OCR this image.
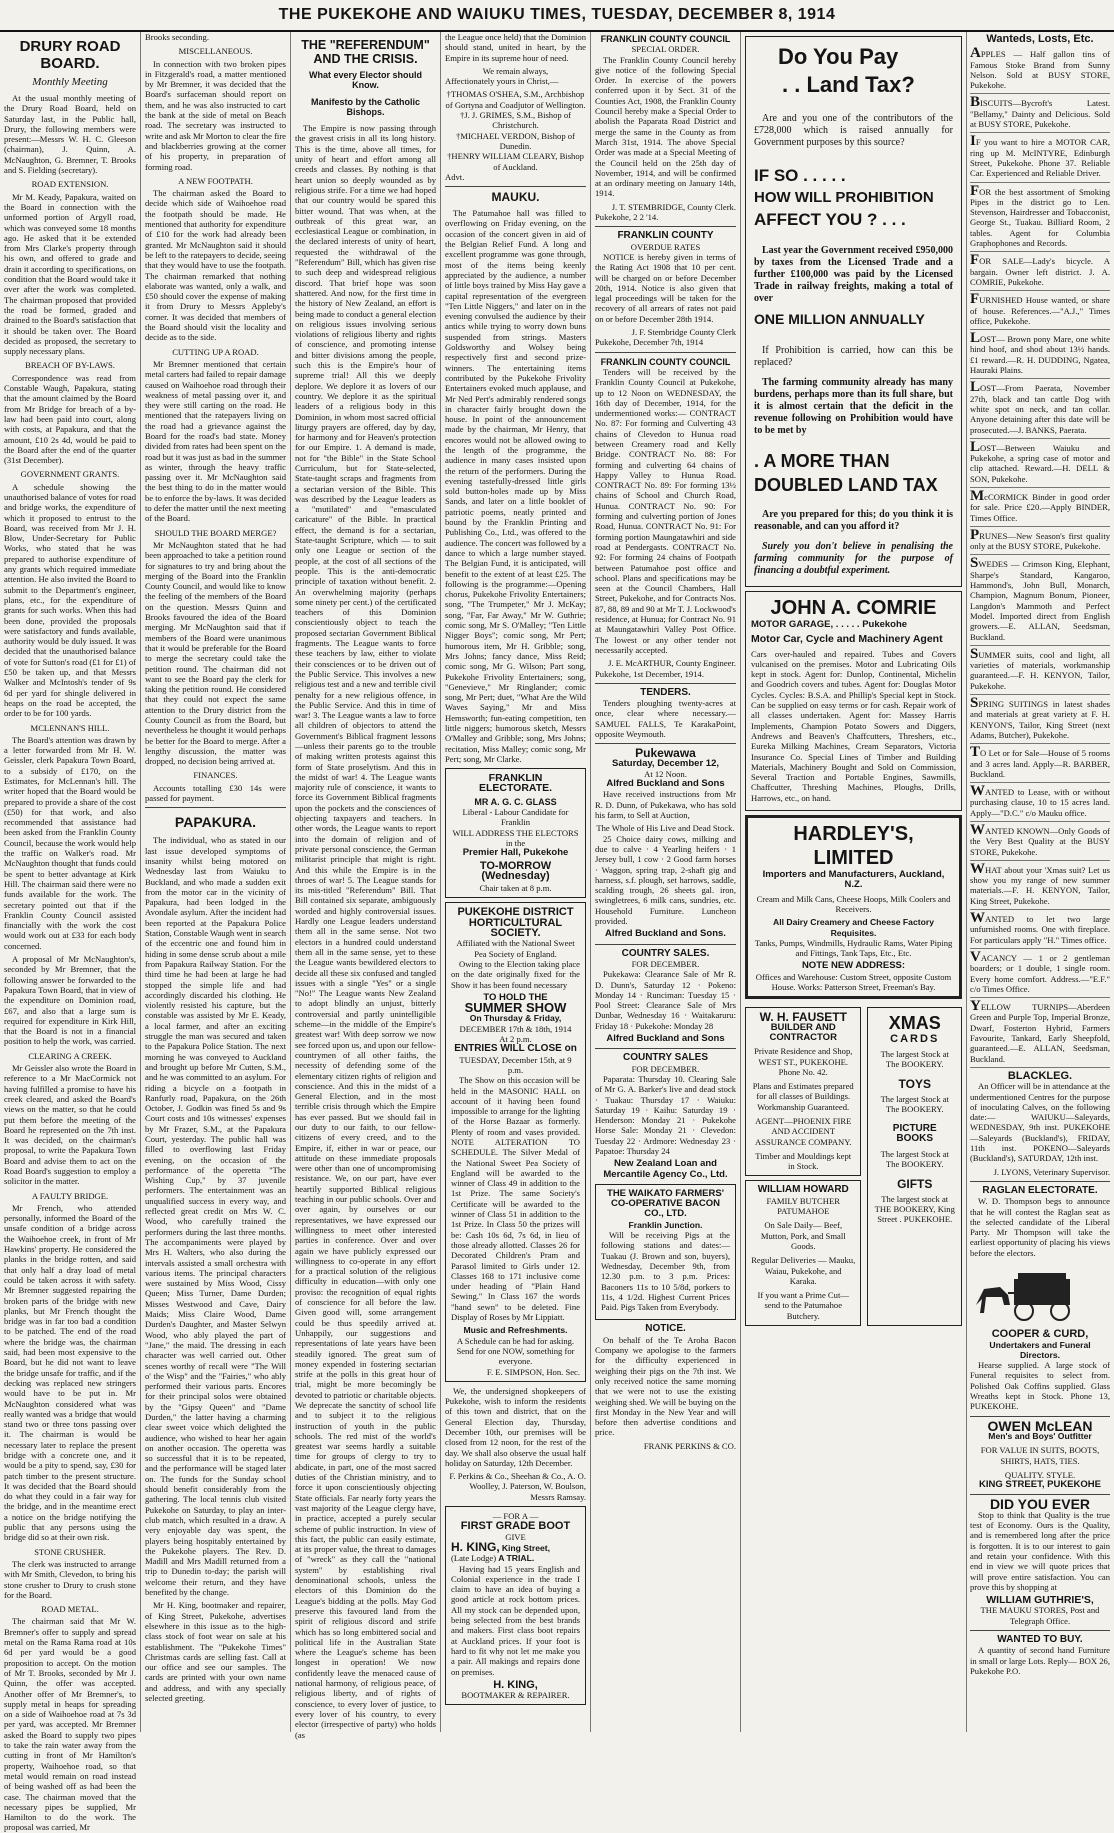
THE PUKEKOHE AND WAIUKU TIMES, TUESDAY, DECEMBER 8, 1914
DRURY ROAD BOARD.
Monthly Meeting

At the usual monthly meeting of the Drury Road Board, held on Saturday last, in the Public hall, Drury, the following members were present:—Messrs W. H. C. Gleeson (chairman), J. Quinn, A. McNaughton, G. Bremner, T. Brooks and S. Fielding (secretary).

ROAD EXTENSION.

Mr M. Keady, Papakura, waited on the Board in connection with the unformed portion of Argyll road, which was conveyed some 18 months ago. He asked that it be extended from Mrs Clarke's property through his own, and offered to grade and drain it according to specifications, on condition that the Board would take it over after the work was completed. The chairman proposed that provided the road be formed, graded and drained to the Board's satisfaction that it should be taken over. The Board decided as proposed, the secretary to supply necessary plans.

BREACH OF BY-LAWS.

Correspondence was read from Constable Waugh, Papakura, stating that the amount claimed by the Board from Mr Bridge for breach of a by-law had been paid into court, along with costs, at Papakura, and that the amount, £10 2s 4d, would be paid to the Board after the end of the quarter (31st December).

GOVERNMENT GRANTS.

A schedule showing the unauthorised balance of votes for road and bridge works, the expenditure of which it proposed to entrust to the Board, was received from Mr J. H. Blow, Under-Secretary for Public Works, who stated that he was prepared to authorise expenditure of any grants which required immediate attention. He also invited the Board to submit to the Department's engineer, plans, etc., for the expenditure of grants for such works. When this had been done, provided the proposals were satisfactory and funds available, authority would be duly issued. It was decided that the unauthorised balance of vote for Sutton's road (£1 for £1) of £50 be taken up, and that Messrs Walker and McIntosh's tender of 9s 6d per yard for shingle delivered in heaps on the road be accepted, the order to be for 100 yards.

MCLENNAN'S HILL.

The Board's attention was drawn by a letter forwarded from Mr H. W. Geissler, clerk Papakura Town Board, to a subsidy of £170, on the Estimates, for McLennan's hill. The writer hoped that the Board would be prepared to provide a share of the cost (£50) for that work, and also recommended that assistance had been asked from the Franklin County Council, because the work would help the traffic on Walker's road. Mr McNaughton thought that funds could be spent to better advantage at Kirk Hill. The chairman said there were no funds available for the work. The secretary pointed out that if the Franklin County Council assisted financially with the work the cost would work out at £33 for each body concerned.

A proposal of Mr McNaughton's, seconded by Mr Bremner, that the following answer be forwarded to the Papakura Town Board, that in view of the expenditure on Dominion road, £67, and also that a large sum is required for expenditure in Kirk Hill, that the Board is not in a financial position to help the work, was carried.

CLEARING A CREEK.

Mr Geissler also wrote the Board in reference to a Mr MacCormick not having fulfilled a promise to have his creek cleared, and asked the Board's views on the matter, so that he could put them before the meeting of the Board he represented on the 7th inst. It was decided, on the chairman's proposal, to write the Papakura Town Board and advise them to act on the Road Board's suggestion to employ a solicitor in the matter.

A FAULTY BRIDGE.

Mr French, who attended personally, informed the Board of the unsafe condition of a bridge across the Waihoehoe creek, in front of Mr Hawkins' property. He considered the planks in the bridge rotten, and said that only half a dray load of metal could be taken across it with safety. Mr Bremner suggested repairing the broken parts of the bridge with new planks, but Mr French thought the bridge was in far too bad a condition to be patched. The end of the road where the bridge was, the chairman said, had been most expensive to the Board, but he did not want to leave the bridge unsafe for traffic, and if the decking was replaced new stringers would have to be put in. Mr McNaughton considered what was really wanted was a bridge that would stand two or three tons passing over it. The chairman is would be necessary later to replace the present bridge with a concrete one, and it would be a pity to spend, say, £30 for patch timber to the present structure. It was decided that the Board should do what they could in a fair way for the bridge, and in the meantime erect a notice on the bridge notifying the public that any persons using the bridge did so at their own risk.

STONE CRUSHER.

The clerk was instructed to arrange with Mr Smith, Clevedon, to bring his stone crusher to Drury to crush stone for the Board.

ROAD METAL.

The chairman said that Mr W. Bremner's offer to supply and spread metal on the Rama Rama road at 10s 6d per yard would be a good proposition to accept. On the motion of Mr T. Brooks, seconded by Mr J. Quinn, the offer was accepted. Another offer of Mr Bremner's, to supply metal in heaps for spreading on a side of Waihoehoe road at 7s 3d per yard, was accepted. Mr Bremner asked the Board to supply two pipes to take the rain water away from the cutting in front of Mr Hamilton's property, Waihoehoe road, so that metal would remain on road instead of being washed off as had been the case. The chairman moved that the necessary pipes be supplied, Mr Hamilton to do the work. The proposal was carried, Mr

Brooks seconding.

MISCELLANEOUS.

In connection with two broken pipes in Fitzgerald's road, a matter mentioned by Mr Bremner, it was decided that the Board's surfaceman should report on them, and he was also instructed to cart the bank at the side of metal on Beach road. The secretary was instructed to write and ask Mr Morton to clear the fire and blackberries growing at the corner of his property, in preparation of forming road.

A NEW FOOTPATH.

The chairman asked the Board to decide which side of Waihoehoe road the footpath should be made. He mentioned that authority for expenditure of £10 for the work had already been granted. Mr McNaughton said it should be left to the ratepayers to decide, seeing that they would have to use the footpath. The chairman remarked that nothing elaborate was wanted, only a walk, and £50 should cover the expense of making it from Drury to Messrs Appleby's corner. It was decided that members of the Board should visit the locality and decide as to the side.

CUTTING UP A ROAD.

Mr Bremner mentioned that certain metal carters had failed to repair damage caused on Waihoehoe road through their weakness of metal passing over it, and they were still carting on the road. He mentioned that the ratepayers living on the road had a grievance against the Board for the road's bad state. Money divided from rates had been spent on the road but it was just as bad in the summer as winter, through the heavy traffic passing over it. Mr McNaughton said the best thing to do in the matter would be to enforce the by-laws. It was decided to defer the matter until the next meeting of the Board.

SHOULD THE BOARD MERGE?

Mr McNaughton stated that he had been approached to take a petition round for signatures to try and bring about the merging of the Board into the Franklin County Council, and would like to know the feeling of the members of the Board on the question. Messrs Quinn and Brooks favoured the idea of the Board merging. Mr McNaughton said that if members of the Board were unanimous that it would be preferable for the Board to merge the secretary could take the petition round. The chairman did not want to see the Board pay the clerk for taking the petition round. He considered that they could not expect the same attention to the Drury district from the County Council as from the Board, but nevertheless he thought it would perhaps be better for the Board to merge. After a lengthy discussion, the matter was dropped, no decision being arrived at.

FINANCES.

Accounts totalling £30 14s were passed for payment.

PAPAKURA.

The individual, who as stated in our last issue developed symptoms of insanity whilst being motored on Wednesday last from Waiuku to Buckland, and who made a sudden exit from the motor car in the vicinity of Papakura, had been lodged in the Avondale asylum. After the incident had been reported at the Papakura Police Station, Constable Waugh went in search of the eccentric one and found him in hiding in some dense scrub about a mile from Papakura Railway Station. For the third time he had been at large he had stopped the simple life and had accordingly discarded his clothing. He violently resisted his capture, but the constable was assisted by Mr E. Keady, a local farmer, and after an exciting struggle the man was secured and taken to the Papakura Police Station. The next morning he was conveyed to Auckland and brought up before Mr Cutten, S.M., and he was committed to an asylum. For riding a bicycle on a footpath in Ranfurly road, Papakura, on the 26th October, J. Godkin was fined 5s and 9s Court costs and 10s witnesses' expenses by Mr Frazer, S.M., at the Papakura Court, yesterday. The public hall was filled to overflowing last Friday evening, on the occasion of the performance of the operetta "The Wishing Cup," by 37 juvenile performers. The entertainment was an unqualified success in every way, and reflected great credit on Mrs W. C. Wood, who carefully trained the performers during the last three months. The accompaniments were played by Mrs H. Walters, who also during the intervals assisted a small orchestra with various items. The principal characters were sustained by Miss Wood, Cissy Queen; Miss Turner, Dame Durden; Misses Westwood and Cave, Dairy Maids; Miss Claire Wood, Dame Durden's Daughter, and Master Selwyn Wood, who ably played the part of "Jane," the maid. The dressing in each character was well carried out. Other scenes worthy of recall were "The Will o' the Wisp" and the "Fairies," who ably performed their various parts. Encores for their principal solos were obtained by the "Gipsy Queen" and "Dame Durden," the latter having a charming clear sweet voice which delighted the audience, who wished to hear her again on another occasion. The operetta was so successful that it is to be repeated, and the performance will be staged later on. The funds for the Sunday school should benefit considerably from the gathering. The local tennis club visited Pukekohe on Saturday, to play an inter-club match, which resulted in a draw. A very enjoyable day was spent, the players being hospitably entertained by the Pukekohe players. The Rev. D. Madill and Mrs Madill returned from a trip to Dunedin to-day; the parish will welcome their return, and they have benefited by the change.

Mr H. King, bootmaker and repairer, of King Street, Pukekohe, advertises elsewhere in this issue as to the high-class stock of foot wear on sale at his establishment. The "Pukekohe Times" Christmas cards are selling fast. Call at our office and see our samples. The cards are printed with your own name and address, and with any specially selected greeting.

THE "REFERENDUM" AND THE CRISIS.
What every Elector should Know.
Manifesto by the Catholic Bishops.

The Empire is now passing through the gravest crisis in all its long history. This is the time, above all times, for unity of heart and effort among all creeds and classes. By nothing is that heart union so deeply wounded as by religious strife. For a time we had hoped that our country would be spared this bitter wound. That was when, at the outbreak of this great war, an ecclesiastical League or combination, in the declared interests of unity of heart, requested the withdrawal of the "Referendum" Bill, which has given rise to such deep and widespread religious discord. That brief hope was soon shattered. And now, for the first time in the history of New Zealand, an effort is being made to conduct a general election on religious issues involving serious violations of religious liberty and rights of conscience, and promoting intense and bitter divisions among the people, such this is the Empire's hour of supreme trial! All this we deeply deplore. We deplore it as lovers of our country. We deplore it as the spiritual leaders of a religious body in this Dominion, in whom most sacred official liturgy prayers are offered, day by day, for harmony and for Heaven's protection for our Empire. 1. A demand is made, not for "the Bible" in the State School Curriculum, but for State-selected, State-taught scraps and fragments from a sectarian version of the Bible. This was described by the League leaders as a "mutilated" and "emasculated caricature" of the Bible. In practical effect, the demand is for a sectarian, State-taught Scripture, which — to suit only one League or section of the people, at the cost of all sections of the people. This is the anti-democratic principle of taxation without benefit. 2. An overwhelming majority (perhaps some ninety per cent.) of the certificated teachers of this Dominion conscientiously object to teach the proposed sectarian Government Biblical fragments. The League wants to force these teachers by law, either to violate their consciences or to be driven out of the Public Service. This involves a new religious test and a new and terrible civil penalty for a new religious offence, in the Public Service. And this in time of war! 3. The League wants a law to force all children of objectors to attend the Government's Biblical fragment lessons—unless their parents go to the trouble of making written protests against this form of State proselytism. And this in the midst of war! 4. The League wants majority rule of conscience, it wants to force its Government Biblical fragments upon the pockets and the consciences of objecting taxpayers and teachers. In other words, the League wants to report into the domain of religion and of private personal conscience, the German militarist principle that might is right. And this while the Empire is in the throes of war! 5. The League stands for its mis-titled "Referendum" Bill. That Bill contained six separate, ambiguously worded and highly controversial issues. Hardly one League leaders understand them all in the same sense. Not two electors in a hundred could understand them all in the same sense, yet to these the League wants bewildered electors to decide all these six confused and tangled issues with a single "Yes" or a single "No!" The League wants New Zealand to adopt blindly an unjust, bitterly controversial and partly unintelligible scheme—in the middle of the Empire's greatest war! With deep sorrow we now see forced upon us, and upon our fellow-countrymen of all other faiths, the necessity of defending some of the elementary citizen rights of religion and conscience. And this in the midst of a General Election, and in the most terrible crisis through which the Empire has ever passed. But we should fail in our duty to our faith, to our fellow-citizens of every creed, and to the Empire, if, either in war or peace, our attitude on these immediate proposals were other than one of uncompromising resistance. We, on our part, have ever heartily supported Biblical religious teaching in our public schools. Over and over again, by ourselves or our representatives, we have expressed our willingness to meet other interested parties in conference. Over and over again we have publicly expressed our willingness to co-operate in any effort for a practical solution of the religious difficulty in education—with only one proviso: the recognition of equal rights of conscience for all before the law. Given good will, some arrangement could be thus speedily arrived at. Unhappily, our suggestions and representations of late years have been steadily ignored. The great sum of money expended in fostering sectarian strife at the polls in this great hour of trial, might be more becomingly be devoted to patriotic or charitable objects. We deprecate the sanctity of school life and to subject it to the religious instruction of youth in the public schools. The red mist of the world's greatest war seems hardly a suitable time for groups of clergy to try to abdicate, in part, one of the most sacred duties of the Christian ministry, and to force it upon conscientiously objecting State officials. Far nearly forty years the vast majority of the League clergy have, in practice, accepted a purely secular scheme of public instruction. In view of this fact, the public can easily estimate, at its proper value, the threat to damages of "wreck" as they call the "national system" by establishing rival denominational schools, unless the electors of this Dominion do the League's bidding at the polls. May God preserve this favoured land from the spirit of religious discord and strife which has so long embittered social and political life in the Australian State where the League's scheme has been longest in operation! We now confidently leave the menaced cause of national harmony, of religious peace, of religious liberty, and of rights of conscience, to every lover of justice, to every lover of his country, to every elector (irrespective of party) who holds (as

the League once held) that the Dominion should stand, united in heart, by the Empire in its supreme hour of need.

We remain always,
Affectionately yours in Christ,—
†THOMAS O'SHEA, S.M., Archbishop of Gortyna and Coadjutor of Wellington.
†J. J. GRIMES, S.M., Bishop of Christchurch.
†MICHAEL VERDON, Bishop of Dunedin.
†HENRY WILLIAM CLEARY, Bishop of Auckland.
Advt.
MAUKU.

The Patumahoe hall was filled to overflowing on Friday evening, on the occasion of the concert given in aid of the Belgian Relief Fund. A long and excellent programme was gone through, most of the items being keenly appreciated by the audience, a number of little boys trained by Miss Hay gave a capital representation of the evergreen "Ten Little Niggers," and later on in the evening convulsed the audience by their antics while trying to worry down buns suspended from strings. Masters Goldsworthy and Wolsey being respectively first and second prize-winners. The entertaining items contributed by the Pukekohe Frivolity Entertainers evoked much applause, and Mr Ned Pert's admirably rendered songs in character fairly brought down the house. In point of the announcement made by the chairman, Mr Henry, that encores would not be allowed owing to the length of the programme, the audience in many cases insisted upon the return of the performers. During the evening tastefully-dressed little girls sold button-holes made up by Miss Sands, and later on a little booklet of patriotic poems, neatly printed and bound by the Franklin Printing and Publishing Co., Ltd., was offered to the audience. The concert was followed by a dance to which a large number stayed. The Belgian Fund, it is anticipated, will benefit to the extent of at least £25. The following is the programme:—Opening chorus, Pukekohe Frivolity Entertainers; song, "The Trumpeter," Mr J. McKay; song, "Far, Far Away," Mr W. Guthrie; comic song, Mr S. O'Malley; "Ten Little Nigger Boys"; comic song, Mr Pert; humorous item, Mr H. Gribble; song, Mrs Johns; fancy dance, Miss Reid; comic song, Mr G. Wilson; Part song, Pukekohe Frivolity Entertainers; song, "Genevieve," Mr Ringlander; comic song, Mr Pert; duet, "What Are the Wild Waves Saying," Mr and Miss Hemsworth; fun-eating competition, ten little niggers; humorous sketch, Messrs O'Malley and Gribble; song, Mrs Johns; recitation, Miss Malley; comic song, Mr Pert; song, Mr Clarke.

FRANKLIN ELECTORATE.
MR A. G. C. GLASS
Liberal - Labour Candidate for Franklin
WILL ADDRESS THE ELECTORS
in the
Premier Hall, Pukekohe
TO-MORROW (Wednesday)
Chair taken at 8 p.m.
PUKEKOHE DISTRICT HORTICULTURAL SOCIETY.
Affiliated with the National Sweet Pea Society of England.

Owing to the Election taking place on the date originally fixed for the Show it has been found necessary

TO HOLD THE
SUMMER SHOW
On Thursday & Friday,
DECEMBER 17th & 18th, 1914
At 2 p.m.
ENTRIES WILL CLOSE on
TUESDAY, December 15th, at 9 p.m.

The Show on this occasion will be held in the MASONIC HALL on account of it having been found impossible to arrange for the lighting of the Horse Bazaar as formerly. Plenty of room and vases provided. NOTE ALTERATION TO SCHEDULE. The Silver Medal of the National Sweet Pea Society of England will be awarded to the winner of Class 49 in addition to the 1st Prize. The same Society's Certificate will be awarded to the winner of Class 51 in addition to the 1st Prize. In Class 50 the prizes will be: Cash 10s 6d, 7s 6d, in lieu of those already allotted. Classes 26 for Decorated Children's Pram and Parasol limited to Girls under 12. Classes 168 to 171 inclusive come under heading of "Plain Hand Sewing." In Class 167 the words "hand sewn" to be deleted. Fine Display of Roses by Mr Lippiatt.

Music and Refreshments.
A Schedule can be had for asking. Send for one NOW, something for everyone.
F. E. SIMPSON, Hon. Sec.

We, the undersigned shopkeepers of Pukekohe, wish to inform the residents of this town and district, that on the General Election day, Thursday, December 10th, our premises will be closed from 12 noon, for the rest of the day. We shall also observe the usual half holiday on Saturday, 12th December.

F. Perkins & Co., Sheehan & Co., A. O. Woolley, J. Paterson, W. Boulson, Messrs Ramsay.
— FOR A —
FIRST GRADE BOOT
GIVE
H. KING, King Street,
(Late Lodge) A TRIAL.

Having had 15 years English and Colonial experience in the trade I claim to have an idea of buying a good article at rock bottom prices. All my stock can be depended upon, being selected from the best brands and makers. First class boot repairs at Auckland prices. If your foot is hard to fit why not let me make you a pair. All makings and repairs done on premises.

H. KING,
BOOTMAKER & REPAIRER.
FRANKLIN COUNTY COUNCIL
SPECIAL ORDER.

The Franklin County Council hereby give notice of the following Special Order. In exercise of the powers conferred upon it by Sect. 31 of the Counties Act, 1908, the Franklin County Council hereby make a Special Order to abolish the Paparata Road District and merge the same in the County as from March 31st, 1914. The above Special Order was made at a Special Meeting of the Council held on the 25th day of November, 1914, and will be confirmed at an ordinary meeting on January 14th, 1914.

J. T. STEMBRIDGE, County Clerk.
Pukekohe, 2 2 '14.
FRANKLIN COUNTY
OVERDUE RATES

NOTICE is hereby given in terms of the Rating Act 1908 that 10 per cent. will be charged on or before December 20th, 1914. Notice is also given that legal proceedings will be taken for the recovery of all arrears of rates not paid on or before December 28th 1914.

J. F. Stembridge County Clerk
Pukekohe, December 7th, 1914
FRANKLIN COUNTY COUNCIL

Tenders will be received by the Franklin County Council at Pukekohe, up to 12 Noon on WEDNESDAY, the 16th day of December, 1914, for the undermentioned works:— CONTRACT No. 87: For forming and Culverting 43 chains of Clevedon to Hunua road between Creamery road and Kelly Bridge. CONTRACT No. 88: For forming and culverting 64 chains of Happy Valley to Hunua Road. CONTRACT No. 89: For forming 13½ chains of School and Church Road, Hunua. CONTRACT No. 90: For forming and culverting portion of Jones Road, Hunua. CONTRACT No. 91: For forming portion Maungatawhiri and side road at Pendergasts. CONTRACT No. 92: For forming 24 chains of Footpath between Patumahoe post office and school. Plans and specifications may be seen at the Council Chambers, Hall Street, Pukekohe, and for Contracts Nos. 87, 88, 89 and 90 at Mr T. J. Lockwood's residence, at Hunua; for Contract No. 91 at Maungatawhiri Valley Post Office. The lowest or any other tender not necessarily accepted.

J. E. McARTHUR, County Engineer.
Pukekohe, 1st December, 1914.
TENDERS.

Tenders ploughing twenty-acres at once, clear where necessary.—SAMUEL FALLS, Te KarakaPoint, opposite Weymouth.

Pukewawa
Saturday, December 12,
At 12 Noon.
Alfred Buckland and Sons

Have received instructions from Mr R. D. Dunn, of Pukekawa, who has sold his farm, to Sell at Auction,

The Whole of His Live and Dead Stock.

25 Choice dairy cows, milking and due to calve · 4 Yearling heifers · 1 Jersey bull, 1 cow · 2 Good farm horses · Waggon, spring trap, 2-shaft gig and harness, s.f. plough, set harrows, saddle, scalding trough, 26 sheets gal. iron, swingletrees, 6 milk cans, sundries, etc. Household Furniture. Luncheon provided.

Alfred Buckland and Sons.
COUNTRY SALES.
FOR DECEMBER.

Pukekawa: Clearance Sale of Mr R. D. Dunn's, Saturday 12 · Pokeno: Monday 14 · Runciman: Tuesday 15 · Pool Street: Clearance Sale of Mrs Dunbar, Wednesday 16 · Waitakaruru: Friday 18 · Pukekohe: Monday 28

Alfred Buckland and Sons
COUNTRY SALES
FOR DECEMBER.

Paparata: Thursday 10. Clearing Sale of Mr G. A. Barker's live and dead stock · Tuakau: Thursday 17 · Waiuku: Saturday 19 · Kaihu: Saturday 19 · Henderson: Monday 21 · Pukekohe Horse Sale: Monday 21 · Clevedon: Tuesday 22 · Ardmore: Wednesday 23 · Papatoe: Thursday 24

New Zealand Loan and Mercantile Agency Co., Ltd.
THE WAIKATO FARMERS' CO-OPERATIVE BACON CO., LTD.
Franklin Junction.

Will be receiving Pigs at the following stations and dates:— Tuakau (J. Brown and son, buyers), Wednesday, December 9th, from 12.30 p.m. to 3 p.m. Prices: Baconers 11s to 10 5/8d, porkers to 11s, 4 1/2d. Highest Current Prices Paid. Pigs Taken from Everybody.

NOTICE.

On behalf of the Te Aroha Bacon Company we apologise to the farmers for the difficulty experienced in weighing their pigs on the 7th inst. We only received notice the same morning that we were not to use the existing weighing shed. We will be buying on the first Monday in the New Year and will before then advertise conditions and price.

FRANK PERKINS & CO.
Do You Pay
. . Land Tax?

Are and you one of the contributors of the £728,000 which is raised annually for Government purposes by this source?

IF SO . . . . .
HOW WILL PROHIBITION
AFFECT YOU ? . . .

Last year the Government received £950,000 by taxes from the Licensed Trade and a further £100,000 was paid by the Licensed Trade in railway freights, making a total of over

ONE MILLION ANNUALLY

If Prohibition is carried, how can this be replaced?

The farming community already has many burdens, perhaps more than its full share, but it is almost certain that the deficit in the revenue following on Prohibition would have to be met by

. A MORE THAN
DOUBLED LAND TAX

Are you prepared for this; do you think it is reasonable, and can you afford it?

Surely you don't believe in penalising the farming community for the purpose of financing a doubtful experiment.

JOHN A. COMRIE
MOTOR GARAGE, . . . . . Pukekohe
Motor Car, Cycle and Machinery Agent

Cars over-hauled and repaired. Tubes and Covers vulcanised on the premises. Motor and Lubricating Oils kept in stock. Agent for: Dunlop, Continental, Michelin and Goodrich covers and tubes. Agent for: Douglas Motor Cycles. Cycles: B.S.A. and Phillip's Special kept in Stock. Can be supplied on easy terms or for cash. Repair work of all classes undertaken. Agent for: Massey Harris Implements, Champion Potato Sowers and Diggers, Andrews and Beaven's Chaffcutters, Threshers, etc., Eureka Milking Machines, Cream Separators, Victoria Insurance Co. Special Lines of Timber and Building Materials, Machinery Bought and Sold on Commission, Several Traction and Portable Engines, Sawmills, Chaffcutter, Threshing Machines, Ploughs, Drills, Harrows, etc., on hand.

HARDLEY'S, LIMITED
Importers and Manufacturers, Auckland, N.Z.
Cream and Milk Cans, Cheese Hoops, Milk Coolers and Receivers.
All Dairy Creamery and Cheese Factory Requisites.
Tanks, Pumps, Windmills, Hydraulic Rams, Water Piping and Fittings, Tank Taps, Etc., Etc.
NOTE NEW ADDRESS:
Offices and Warehouse: Custom Street, opposite Custom House. Works: Patterson Street, Freeman's Bay.
W. H. FAUSETT
BUILDER AND CONTRACTOR
Private Residence and Shop, WEST ST., PUKEKOHE.
Phone No. 42.
Plans and Estimates prepared for all classes of Buildings. Workmanship Guaranteed.
AGENT—PHOENIX FIRE AND ACCIDENT ASSURANCE COMPANY.
Timber and Mouldings kept in Stock.
WILLIAM HOWARD
FAMILY BUTCHER
PATUMAHOE
On Sale Daily— Beef, Mutton, Pork, and Small Goods.
Regular Deliveries — Mauku, Waiau, Pukekohe, and Karaka.
If you want a Prime Cut—send to the Patumahoe Butchery.
XMAS
CARDS
The largest Stock at The BOOKERY.
TOYS
The largest Stock at The BOOKERY.
PICTURE BOOKS
The largest Stock at The BOOKERY.
GIFTS
The largest stock at THE BOOKERY, King Street . PUKEKOHE.
Wanteds, Losts, Etc.

APPLES — Half gallon tins of Famous Stoke Brand from Sunny Nelson. Sold at BUSY STORE, Pukekohe.

BISCUITS—Bycroft's Latest. "Bellamy," Dainty and Delicious. Sold at BUSY STORE, Pukekohe.

IF you want to hire a MOTOR CAR, ring up M. McINTYRE, Edinburgh Street, Pukekohe. Phone 37. Reliable Car. Experienced and Reliable Driver.

FOR the best assortment of Smoking Pipes in the district go to Len. Stevenson, Hairdresser and Tobacconist, George St., Tuakau. Billiard Room, 2 tables. Agent for Columbia Graphophones and Records.

FOR SALE—Lady's bicycle. A bargain. Owner left district. J. A. COMRIE, Pukekohe.

FURNISHED House wanted, or share of house. References.—"A.J.," Times office, Pukekohe.

LOST— Brown pony Mare, one white hind hoof, and shod about 13½ hands. £1 reward.—R. H. DUDDING, Ngatea, Hauraki Plains.

LOST—From Paerata, November 27th, black and tan cattle Dog with white spot on neck, and tan collar. Anyone detaining after this date will be prosecuted.—J. BANKS, Paerata.

LOST—Between Waiuku and Pukekohe, a spring case of motor and clip attached. Reward.—H. DELL & SON, Pukekohe.

McCORMICK Binder in good order for sale. Price £20.—Apply BINDER, Times Office.

PRUNES—New Season's first quality only at the BUSY STORE, Pukekohe.

SWEDES — Crimson King, Elephant, Sharpe's Standard, Kangaroo, Hammond's, John Bull, Monarch, Champion, Magnum Bonum, Pioneer, Langdon's Mammoth and Perfect Model. Imported direct from English growers.—E. ALLAN, Seedsman, Buckland.

SUMMER suits, cool and light, all varieties of materials, workmanship guaranteed.—F. H. KENYON, Tailor, Pukekohe.

SPRING SUITINGS in latest shades and materials at great variety at F. H. KENYON'S, Tailor, King Street (next Adams, Butcher), Pukekohe.

TO Let or for Sale—House of 5 rooms and 3 acres land. Apply—R. BARBER, Buckland.

WANTED to Lease, with or without purchasing clause, 10 to 15 acres land. Apply—"D.C." c/o Mauku office.

WANTED KNOWN—Only Goods of the Very Best Quality at the BUSY STORE, Pukekohe.

WHAT about your 'Xmas suit? Let us show you my range of new summer materials.—F. H. KENYON, Tailor, King Street, Pukekohe.

WANTED to let two large unfurnished rooms. One with fireplace. For particulars apply "H." Times office.

VACANCY — 1 or 2 gentleman boarders; or 1 double, 1 single room. Every home comfort. Address.—"E.F." c/o Times Office.

YELLOW TURNIPS—Aberdeen Green and Purple Top, Imperial Bronze, Dwarf, Fosterton Hybrid, Farmers Favourite, Tankard, Early Sheepfold, guaranteed.—E. ALLAN, Seedsman, Buckland.

BLACKLEG.

An Officer will be in attendance at the undermentioned Centres for the purpose of inoculating Calves, on the following date:— WAIUKU—Saleyards, WEDNESDAY, 9th inst. PUKEKOHE—Saleyards (Buckland's), FRIDAY, 11th inst. POKENO—Saleyards (Buckland's), SATURDAY, 12th inst.

J. LYONS, Veterinary Supervisor.
RAGLAN ELECTORATE.

W. D. Thompson begs to announce that he will contest the Raglan seat as the selected candidate of the Liberal Party. Mr Thompson will take the earliest opportunity of placing his views before the electors.

COOPER & CURD,
Undertakers and Funeral Directors.

Hearse supplied. A large stock of Funeral requisites to select from. Polished Oak Coffins supplied. Glass Wreaths kept in Stock. Phone 13, PUKEKOHE.

OWEN McLEAN
Men's and Boys' Outfitter
FOR VALUE IN SUITS, BOOTS, SHIRTS, HATS, TIES.
QUALITY. STYLE.
KING STREET, PUKEKOHE
DID YOU EVER

Stop to think that Quality is the true test of Economy. Ours is the Quality, and is remembered long after the price is forgotten. It is to our interest to gain and retain your confidence. With this end in view we will quote prices that will prove entire satisfaction. You can prove this by shopping at

WILLIAM GUTHRIE'S,
THE MAUKU STORES, Post and Telegraph Office.
WANTED TO BUY.

A quantity of second hand Furniture in small or large Lots. Reply— BOX 26, Pukekohe P.O.
